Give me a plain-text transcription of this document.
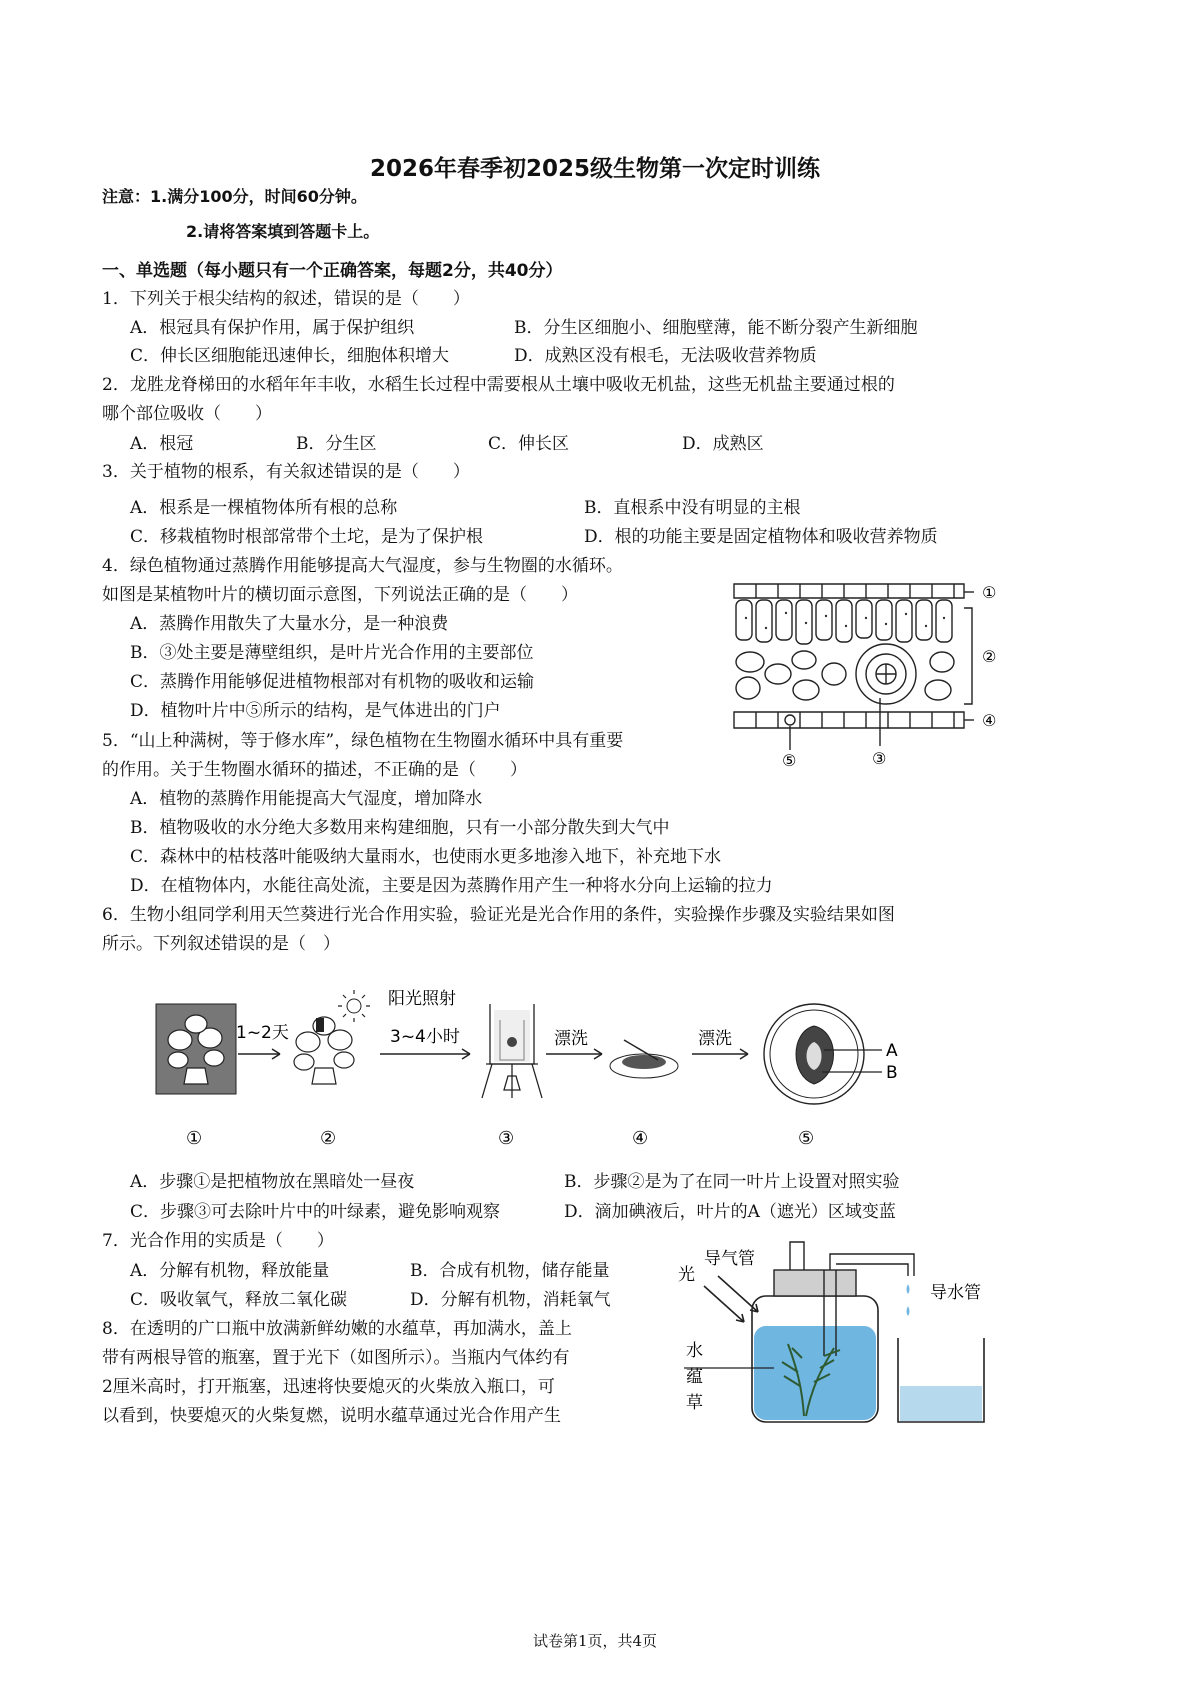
2026年春季初2025级生物第一次定时训练
注意：1.满分100分，时间60分钟。
2.请将答案填到答题卡上。
一、单选题（每小题只有一个正确答案，每题2分，共40分）
1．下列关于根尖结构的叙述，错误的是（　　）
A．根冠具有保护作用，属于保护组织	B．分生区细胞小、细胞壁薄，能不断分裂产生新细胞
C．伸长区细胞能迅速伸长，细胞体积增大	D．成熟区没有根毛，无法吸收营养物质
2．龙胜龙脊梯田的水稻年年丰收，水稻生长过程中需要根从土壤中吸收无机盐，这些无机盐主要通过根的
哪个部位吸收（　　）
A．根冠	B．分生区	C．伸长区	D．成熟区
3．关于植物的根系，有关叙述错误的是（　　）
A．根系是一棵植物体所有根的总称	B．直根系中没有明显的主根
C．移栽植物时根部常带个土坨，是为了保护根	D．根的功能主要是固定植物体和吸收营养物质
4．绿色植物通过蒸腾作用能够提高大气湿度，参与生物圈的水循环。
如图是某植物叶片的横切面示意图，下列说法正确的是（　　）
A．蒸腾作用散失了大量水分，是一种浪费
B．③处主要是薄壁组织，是叶片光合作用的主要部位
C．蒸腾作用能够促进植物根部对有机物的吸收和运输
D．植物叶片中⑤所示的结构，是气体进出的门户
①
②
④
⑤	③
5．“山上种满树，等于修水库”，绿色植物在生物圈水循环中具有重要
的作用。关于生物圈水循环的描述，不正确的是（　　）
A．植物的蒸腾作用能提高大气湿度，增加降水
B．植物吸收的水分绝大多数用来构建细胞，只有一小部分散失到大气中
C．森林中的枯枝落叶能吸纳大量雨水，也使雨水更多地渗入地下，补充地下水
D．在植物体内，水能往高处流，主要是因为蒸腾作用产生一种将水分向上运输的拉力
6．生物小组同学利用天竺葵进行光合作用实验，验证光是光合作用的条件，实验操作步骤及实验结果如图
所示。下列叙述错误的是（　）
1~2天
阳光照射
3~4小时	漂洗	漂洗
A
B
①	②	③	④	⑤
A．步骤①是把植物放在黑暗处一昼夜	B．步骤②是为了在同一叶片上设置对照实验
C．步骤③可去除叶片中的叶绿素，避免影响观察	D．滴加碘液后，叶片的A（遮光）区域变蓝
7．光合作用的实质是（　　）
A．分解有机物，释放能量	B．合成有机物，储存能量
C．吸收氧气，释放二氧化碳	D．分解有机物，消耗氧气
8．在透明的广口瓶中放满新鲜幼嫩的水蕴草，再加满水，盖上
带有两根导管的瓶塞，置于光下（如图所示）。当瓶内气体约有
2厘米高时，打开瓶塞，迅速将快要熄灭的火柴放入瓶口，可
以看到，快要熄灭的火柴复燃，说明水蕴草通过光合作用产生
光
导气管
导水管
水
蕴
草
试卷第1页，共4页
